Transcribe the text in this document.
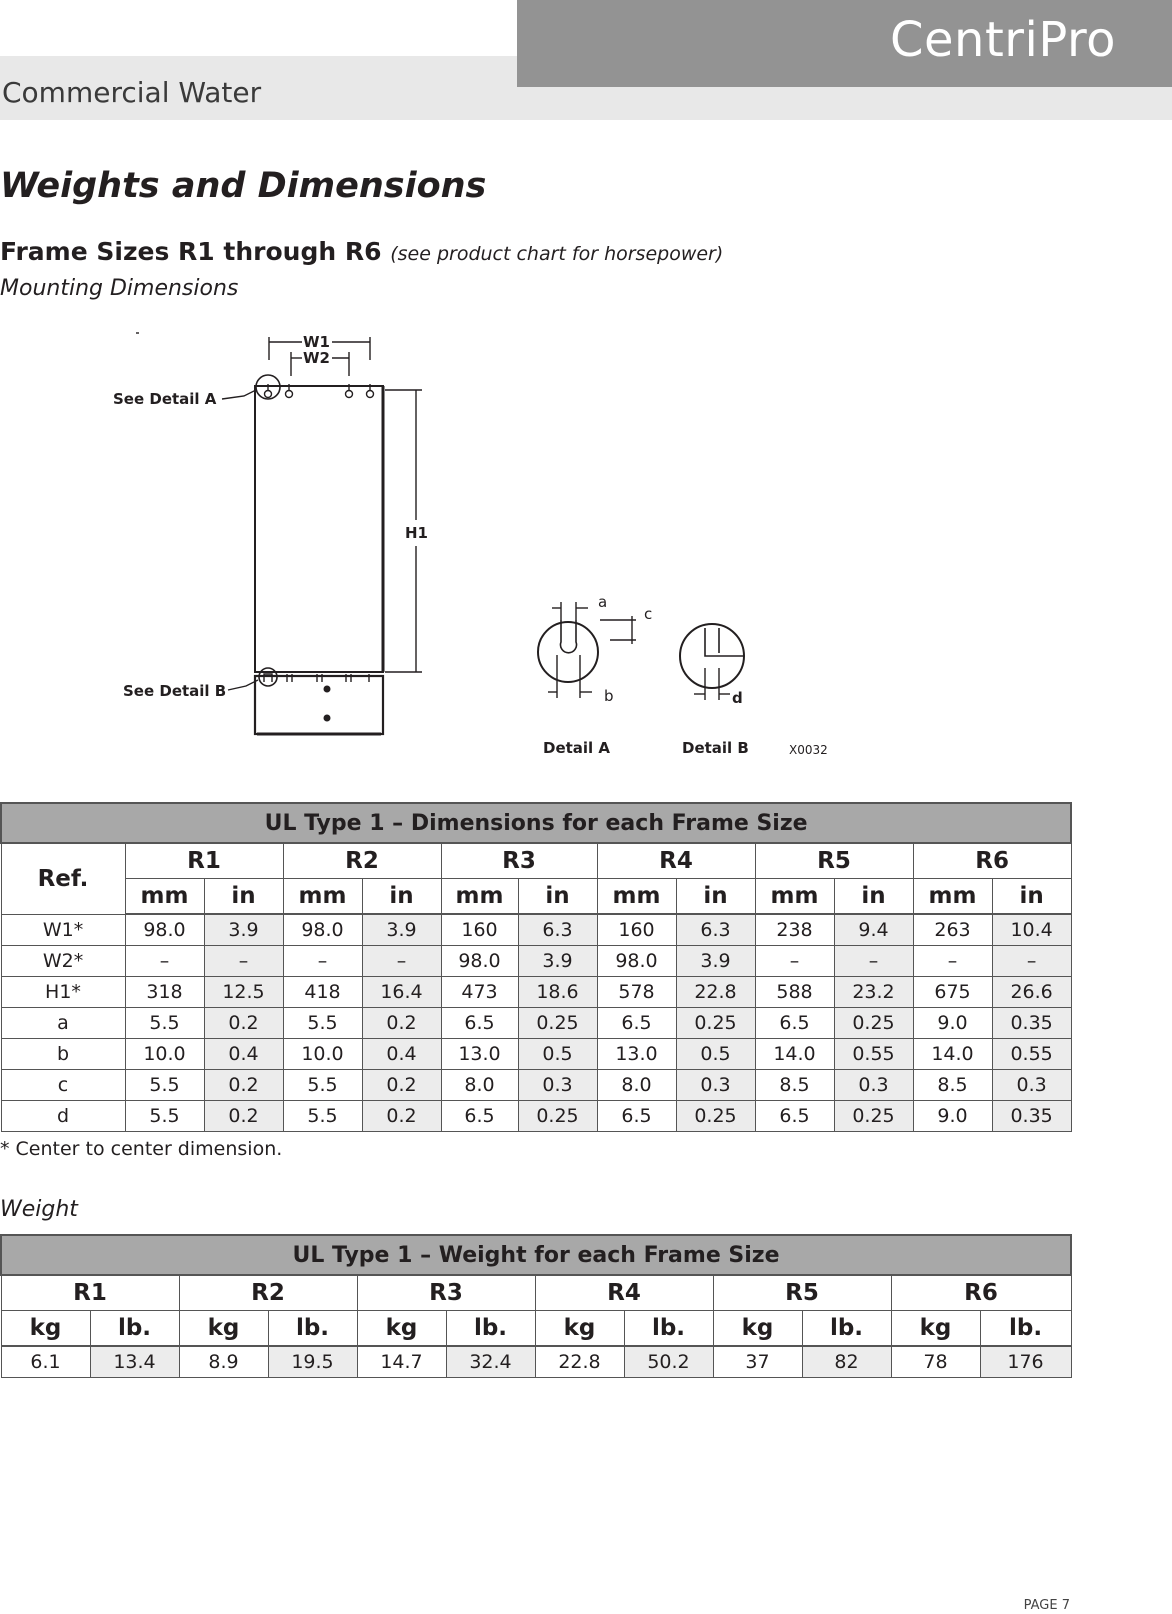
CentriPro
Commercial Water
Weights and Dimensions
Frame Sizes R1 through R6 (see product chart for horsepower)
Mounting Dimensions
W1
W2
H1
See Detail A
See Detail B
Detail A	Detail B
a
c
b	d
X0032
UL Type 1 – Dimensions for each Frame Size												
Ref.	R1		R2		R3		R4		R5		R6	
	mm	in	mm	in	mm	in	mm	in	mm	in	mm	in
W1*	98.0	3.9	98.0	3.9	160	6.3	160	6.3	238	9.4	263	10.4
W2*	–	–	–	–	98.0	3.9	98.0	3.9	–	–	–	–
H1*	318	12.5	418	16.4	473	18.6	578	22.8	588	23.2	675	26.6
a	5.5	0.2	5.5	0.2	6.5	0.25	6.5	0.25	6.5	0.25	9.0	0.35
b	10.0	0.4	10.0	0.4	13.0	0.5	13.0	0.5	14.0	0.55	14.0	0.55
c	5.5	0.2	5.5	0.2	8.0	0.3	8.0	0.3	8.5	0.3	8.5	0.3
d	5.5	0.2	5.5	0.2	6.5	0.25	6.5	0.25	6.5	0.25	9.0	0.35
* Center to center dimension.
Weight
UL Type 1 – Weight for each Frame Size											
R1		R2		R3		R4		R5		R6	
kg	lb.	kg	lb.	kg	lb.	kg	lb.	kg	lb.	kg	lb.
6.1	13.4	8.9	19.5	14.7	32.4	22.8	50.2	37	82	78	176
PAGE 7
